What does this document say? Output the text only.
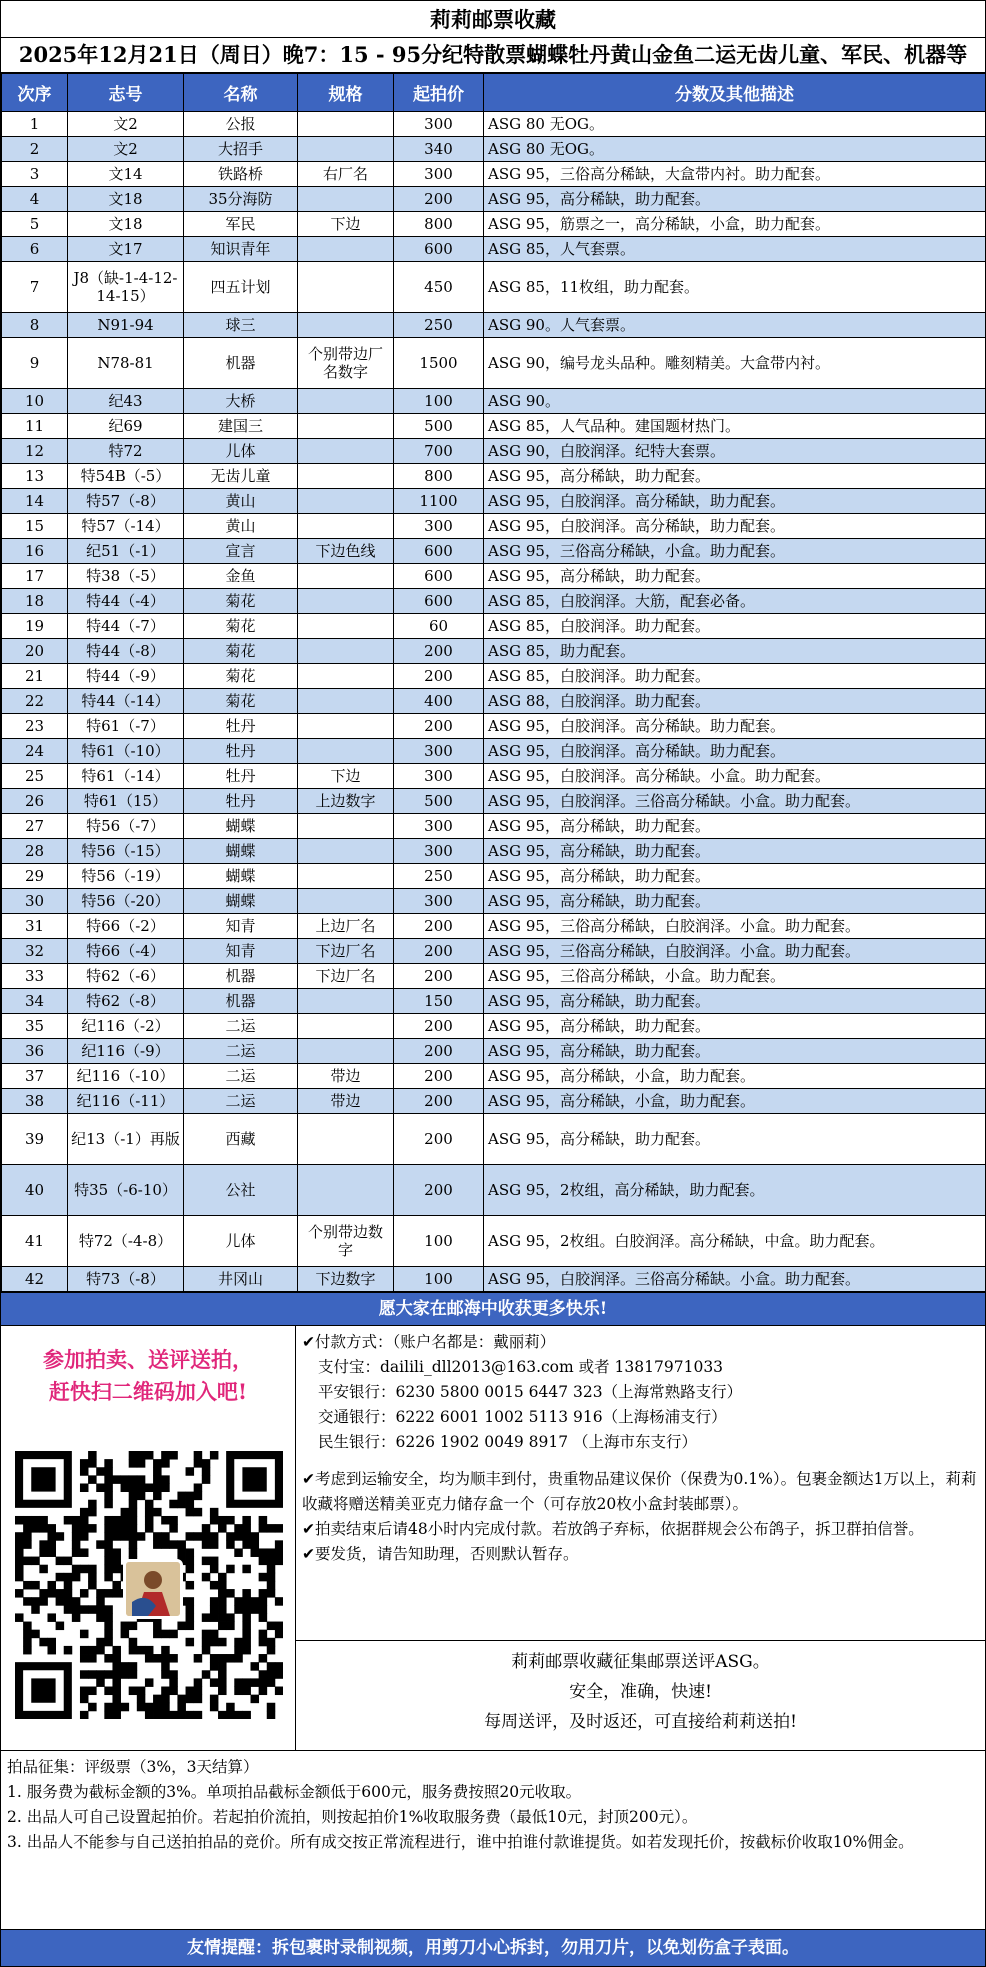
莉莉邮票收藏
2025年12月21日（周日）晚7：15 - 95分纪特散票蝴蝶牡丹黄山金鱼二运无齿儿童、军民、机器等
次序	志号	名称	规格	起拍价	分数及其他描述
1	文2	公报		300	ASG 80 无OG。
2	文2	大招手		340	ASG 80 无OG。
3	文14	铁路桥	右厂名	300	ASG 95，三俗高分稀缺，大盒带内衬。助力配套。
4	文18	35分海防		200	ASG 95，高分稀缺，助力配套。
5	文18	军民	下边	800	ASG 95，筋票之一，高分稀缺，小盒，助力配套。
6	文17	知识青年		600	ASG 85，人气套票。
7	J8（缺-1-4-12-14-15）	四五计划		450	ASG 85，11枚组，助力配套。
8	N91-94	球三		250	ASG 90。人气套票。
9	N78-81	机器	个别带边厂名数字	1500	ASG 90，编号龙头品种。雕刻精美。大盒带内衬。
10	纪43	大桥		100	ASG 90。
11	纪69	建国三		500	ASG 85，人气品种。建国题材热门。
12	特72	儿体		700	ASG 90，白胶润泽。纪特大套票。
13	特54B（-5）	无齿儿童		800	ASG 95，高分稀缺，助力配套。
14	特57（-8）	黄山		1100	ASG 95，白胶润泽。高分稀缺，助力配套。
15	特57（-14）	黄山		300	ASG 95，白胶润泽。高分稀缺，助力配套。
16	纪51（-1）	宣言	下边色线	600	ASG 95，三俗高分稀缺，小盒。助力配套。
17	特38（-5）	金鱼		600	ASG 95，高分稀缺，助力配套。
18	特44（-4）	菊花		600	ASG 85，白胶润泽。大筋，配套必备。
19	特44（-7）	菊花		60	ASG 85，白胶润泽。助力配套。
20	特44（-8）	菊花		200	ASG 85，助力配套。
21	特44（-9）	菊花		200	ASG 85，白胶润泽。助力配套。
22	特44（-14）	菊花		400	ASG 88，白胶润泽。助力配套。
23	特61（-7）	牡丹		200	ASG 95，白胶润泽。高分稀缺。助力配套。
24	特61（-10）	牡丹		300	ASG 95，白胶润泽。高分稀缺。助力配套。
25	特61（-14）	牡丹	下边	300	ASG 95，白胶润泽。高分稀缺。小盒。助力配套。
26	特61（15）	牡丹	上边数字	500	ASG 95，白胶润泽。三俗高分稀缺。小盒。助力配套。
27	特56（-7）	蝴蝶		300	ASG 95，高分稀缺，助力配套。
28	特56（-15）	蝴蝶		300	ASG 95，高分稀缺，助力配套。
29	特56（-19）	蝴蝶		250	ASG 95，高分稀缺，助力配套。
30	特56（-20）	蝴蝶		300	ASG 95，高分稀缺，助力配套。
31	特66（-2）	知青	上边厂名	200	ASG 95，三俗高分稀缺，白胶润泽。小盒。助力配套。
32	特66（-4）	知青	下边厂名	200	ASG 95，三俗高分稀缺，白胶润泽。小盒。助力配套。
33	特62（-6）	机器	下边厂名	200	ASG 95，三俗高分稀缺，小盒。助力配套。
34	特62（-8）	机器		150	ASG 95，高分稀缺，助力配套。
35	纪116（-2）	二运		200	ASG 95，高分稀缺，助力配套。
36	纪116（-9）	二运		200	ASG 95，高分稀缺，助力配套。
37	纪116（-10）	二运	带边	200	ASG 95，高分稀缺，小盒，助力配套。
38	纪116（-11）	二运	带边	200	ASG 95，高分稀缺，小盒，助力配套。
39	纪13（-1）再版	西藏		200	ASG 95，高分稀缺，助力配套。
40	特35（-6-10）	公社		200	ASG 95，2枚组，高分稀缺，助力配套。
41	特72（-4-8）	儿体	个别带边数字	100	ASG 95，2枚组。白胶润泽。高分稀缺，中盒。助力配套。
42	特73（-8）	井冈山	下边数字	100	ASG 95，白胶润泽。三俗高分稀缺。小盒。助力配套。
愿大家在邮海中收获更多快乐!
参加拍卖、送评送拍，
赶快扫二维码加入吧!
✔付款方式：（账户名都是：戴丽莉）
支付宝：dailili_dll2013@163.com 或者 13817971033
平安银行：6230 5800 0015 6447 323（上海常熟路支行）
交通银行：6222 6001 1002 5113 916（上海杨浦支行）
民生银行：6226 1902 0049 8917 （上海市东支行）
✔考虑到运输安全，均为顺丰到付，贵重物品建议保价（保费为0.1%）。包裹金额达1万以上，莉莉收藏将赠送精美亚克力储存盒一个（可存放20枚小盒封装邮票）。
✔拍卖结束后请48小时内完成付款。若放鸽子弃标，依据群规会公布鸽子，拆卫群拍信誉。
✔要发货，请告知助理，否则默认暂存。
莉莉邮票收藏征集邮票送评ASG。
安全，准确，快速!
每周送评，及时返还，可直接给莉莉送拍!
拍品征集：评级票（3%，3天结算）
1. 服务费为截标金额的3%。单项拍品截标金额低于600元，服务费按照20元收取。
2. 出品人可自己设置起拍价。若起拍价流拍，则按起拍价1%收取服务费（最低10元，封顶200元）。
3. 出品人不能参与自己送拍拍品的竞价。所有成交按正常流程进行，谁中拍谁付款谁提货。如若发现托价，按截标价收取10%佣金。
友情提醒：拆包裹时录制视频，用剪刀小心拆封，勿用刀片，以免划伤盒子表面。
